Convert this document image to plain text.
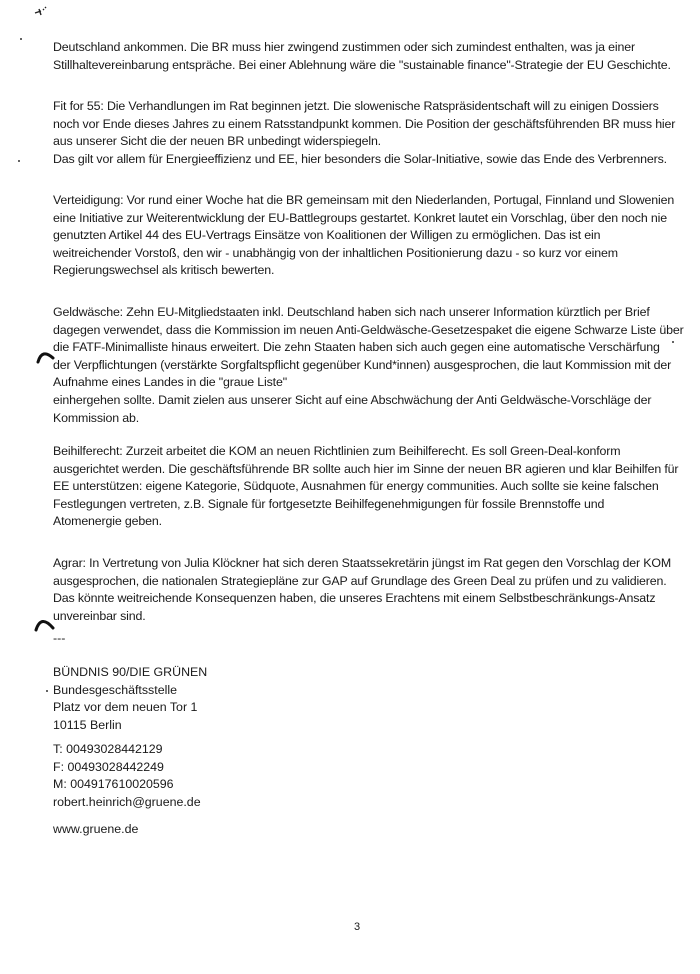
Deutschland ankommen. Die BR muss hier zwingend zustimmen oder sich zumindest enthalten, was ja einer
Stillhaltevereinbarung entspräche. Bei einer Ablehnung wäre die "sustainable finance"-Strategie der EU Geschichte.
Fit for 55: Die Verhandlungen im Rat beginnen jetzt. Die slowenische Ratspräsidentschaft will zu einigen Dossiers
noch vor Ende dieses Jahres zu einem Ratsstandpunkt kommen. Die Position der geschäftsführenden BR muss hier
aus unserer Sicht die der neuen BR unbedingt widerspiegeln.
Das gilt vor allem für Energieeffizienz und EE, hier besonders die Solar-Initiative, sowie das Ende des Verbrenners.
Verteidigung: Vor rund einer Woche hat die BR gemeinsam mit den Niederlanden, Portugal, Finnland und Slowenien
eine Initiative zur Weiterentwicklung der EU-Battlegroups gestartet. Konkret lautet ein Vorschlag, über den noch nie
genutzten Artikel 44 des EU-Vertrags Einsätze von Koalitionen der Willigen zu ermöglichen. Das ist ein
weitreichender Vorstoß, den wir - unabhängig von der inhaltlichen Positionierung dazu - so kurz vor einem
Regierungswechsel als kritisch bewerten.
Geldwäsche: Zehn EU-Mitgliedstaaten inkl. Deutschland haben sich nach unserer Information kürztlich per Brief
dagegen verwendet, dass die Kommission im neuen Anti-Geldwäsche-Gesetzespaket die eigene Schwarze Liste über
die FATF-Minimalliste hinaus erweitert. Die zehn Staaten haben sich auch gegen eine automatische Verschärfung
der Verpflichtungen (verstärkte Sorgfaltspflicht gegenüber Kund*innen) ausgesprochen, die laut Kommission mit der
Aufnahme eines Landes in die "graue Liste"
einhergehen sollte. Damit zielen aus unserer Sicht auf eine Abschwächung der Anti Geldwäsche-Vorschläge der
Kommission ab.
Beihilferecht: Zurzeit arbeitet die KOM an neuen Richtlinien zum Beihilferecht. Es soll Green-Deal-konform
ausgerichtet werden. Die geschäftsführende BR sollte auch hier im Sinne der neuen BR agieren und klar Beihilfen für
EE unterstützen: eigene Kategorie, Südquote, Ausnahmen für energy communities. Auch sollte sie keine falschen
Festlegungen vertreten, z.B. Signale für fortgesetzte Beihilfegenehmigungen für fossile Brennstoffe und
Atomenergie geben.
Agrar: In Vertretung von Julia Klöckner hat sich deren Staatssekretärin jüngst im Rat gegen den Vorschlag der KOM
ausgesprochen, die nationalen Strategiepläne zur GAP auf Grundlage des Green Deal zu prüfen und zu validieren.
Das könnte weitreichende Konsequenzen haben, die unseres Erachtens mit einem Selbstbeschränkungs-Ansatz
unvereinbar sind.
---
BÜNDNIS 90/DIE GRÜNEN
Bundesgeschäftsstelle
Platz vor dem neuen Tor 1
10115 Berlin
T: 00493028442129
F: 00493028442249
M: 004917610020596
robert.heinrich@gruene.de
www.gruene.de
3
